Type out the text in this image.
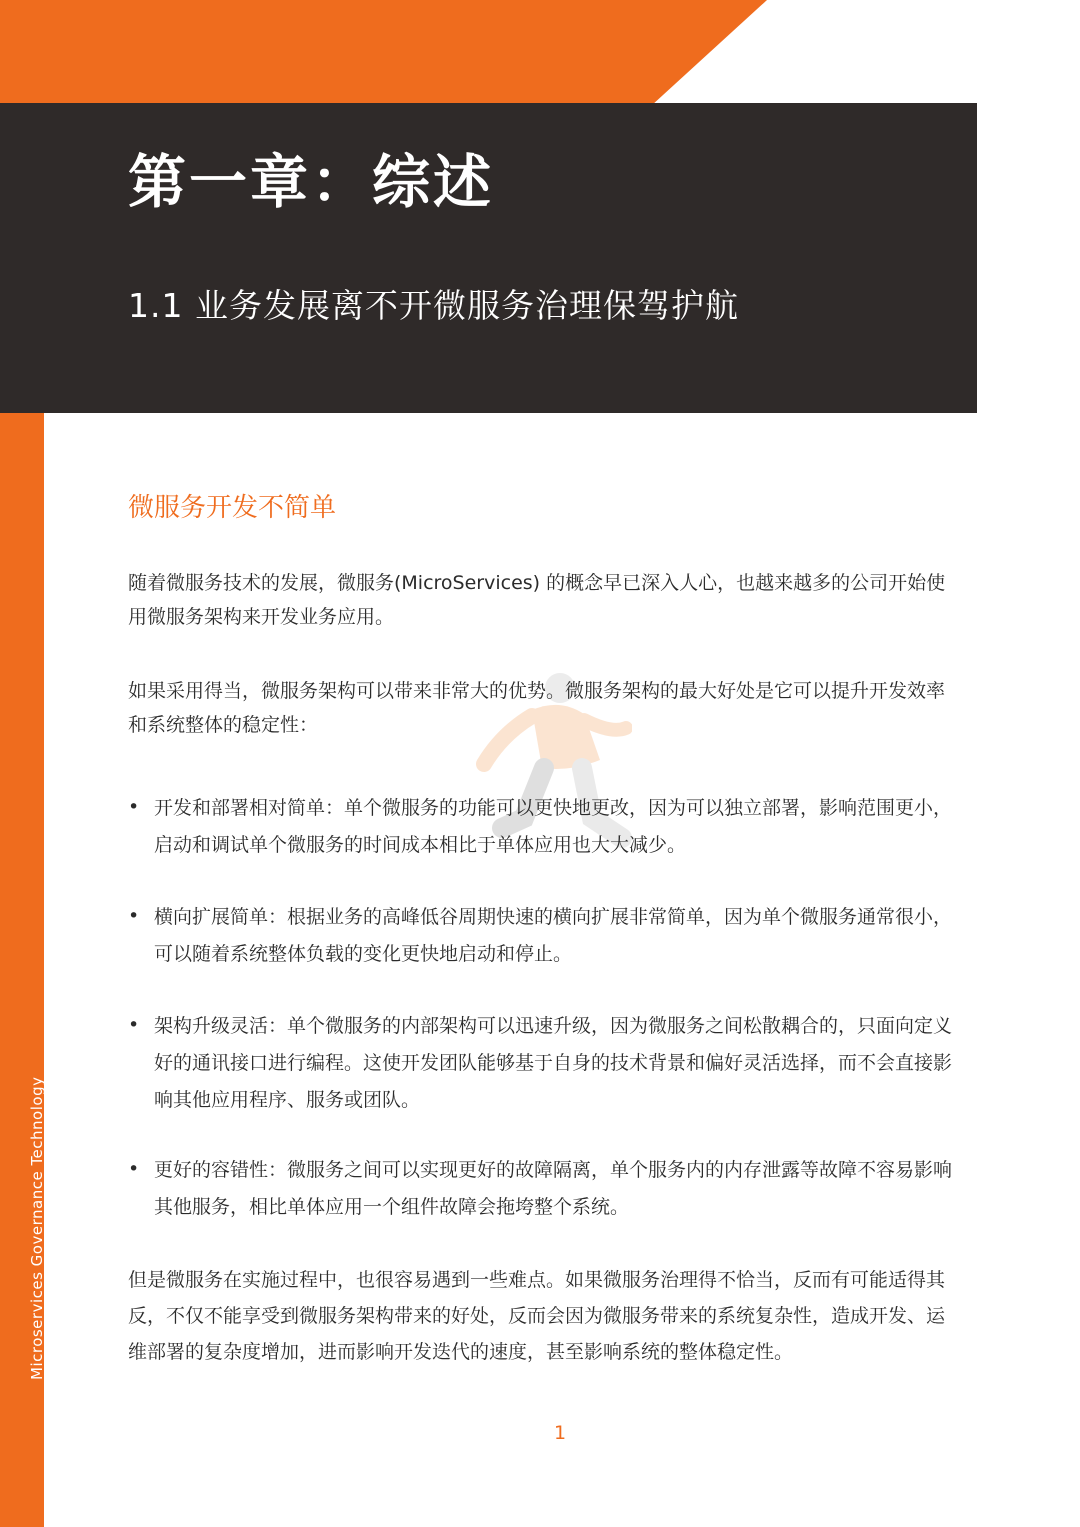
第一章：综述
1.1 业务发展离不开微服务治理保驾护航
Microservices Governance Technology
微服务开发不简单

随着微服务技术的发展，微服务(MicroServices) 的概念早已深入人心，也越来越多的公司开始使用微服务架构来开发业务应用。

如果采用得当，微服务架构可以带来非常大的优势。微服务架构的最大好处是它可以提升开发效率和系统整体的稳定性：

• 开发和部署相对简单：单个微服务的功能可以更快地更改，因为可以独立部署，影响范围更小，启动和调试单个微服务的时间成本相比于单体应用也大大减少。

• 横向扩展简单：根据业务的高峰低谷周期快速的横向扩展非常简单，因为单个微服务通常很小，可以随着系统整体负载的变化更快地启动和停止。

• 架构升级灵活：单个微服务的内部架构可以迅速升级，因为微服务之间松散耦合的，只面向定义好的通讯接口进行编程。这使开发团队能够基于自身的技术背景和偏好灵活选择，而不会直接影响其他应用程序、服务或团队。

• 更好的容错性：微服务之间可以实现更好的故障隔离，单个服务内的内存泄露等故障不容易影响其他服务，相比单体应用一个组件故障会拖垮整个系统。

但是微服务在实施过程中，也很容易遇到一些难点。如果微服务治理得不恰当，反而有可能适得其反，不仅不能享受到微服务架构带来的好处，反而会因为微服务带来的系统复杂性，造成开发、运维部署的复杂度增加，进而影响开发迭代的速度，甚至影响系统的整体稳定性。

1
